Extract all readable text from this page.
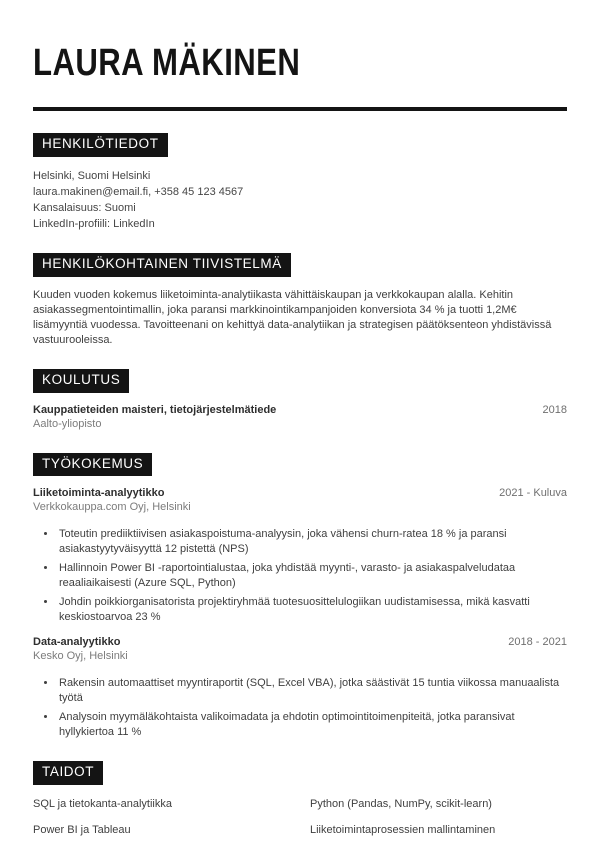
LAURA MÄKINEN
HENKILÖTIEDOT
Helsinki, Suomi Helsinki
laura.makinen@email.fi, +358 45 123 4567
Kansalaisuus: Suomi
LinkedIn-profiili: LinkedIn
HENKILÖKOHTAINEN TIIVISTELMÄ

Kuuden vuoden kokemus liiketoiminta-analytiikasta vähittäiskaupan ja verkkokaupan alalla. Kehitin asiakassegmentointimallin, joka paransi markkinointikampanjoiden konversiota 34 % ja tuotti 1,2M€ lisämyyntiä vuodessa. Tavoitteenani on kehittyä data-analytiikan ja strategisen päätöksenteon yhdistävissä vastuurooleissa.

KOULUTUS
Kauppatieteiden maisteri, tietojärjestelmätiede	2018
Aalto-yliopisto
TYÖKOKEMUS
Liiketoiminta-analyytikko	2021 - Kuluva
Verkkokauppa.com Oyj, Helsinki
• Toteutin prediiktiivisen asiakaspoistuma-analyysin, joka vähensi churn-ratea 18 % ja paransi asiakastyytyväisyyttä 12 pistettä (NPS)
• Hallinnoin Power BI -raportointialustaa, joka yhdistää myynti-, varasto- ja asiakaspalveludataa reaaliaikaisesti (Azure SQL, Python)
• Johdin poikkiorganisatorista projektiryhmää tuotesuosittelulogiikan uudistamisessa, mikä kasvatti keskiostoarvoa 23 %
Data-analyytikko	2018 - 2021
Kesko Oyj, Helsinki
• Rakensin automaattiset myyntiraportit (SQL, Excel VBA), jotka säästivät 15 tuntia viikossa manuaalista työtä
• Analysoin myymäläkohtaista valikoimadata ja ehdotin optimointitoimenpiteitä, jotka paransivat hyllykiertoa 11 %
TAIDOT
SQL ja tietokanta-analytiikka	Python (Pandas, NumPy, scikit-learn)
Power BI ja Tableau	Liiketoimintaprosessien mallintaminen
